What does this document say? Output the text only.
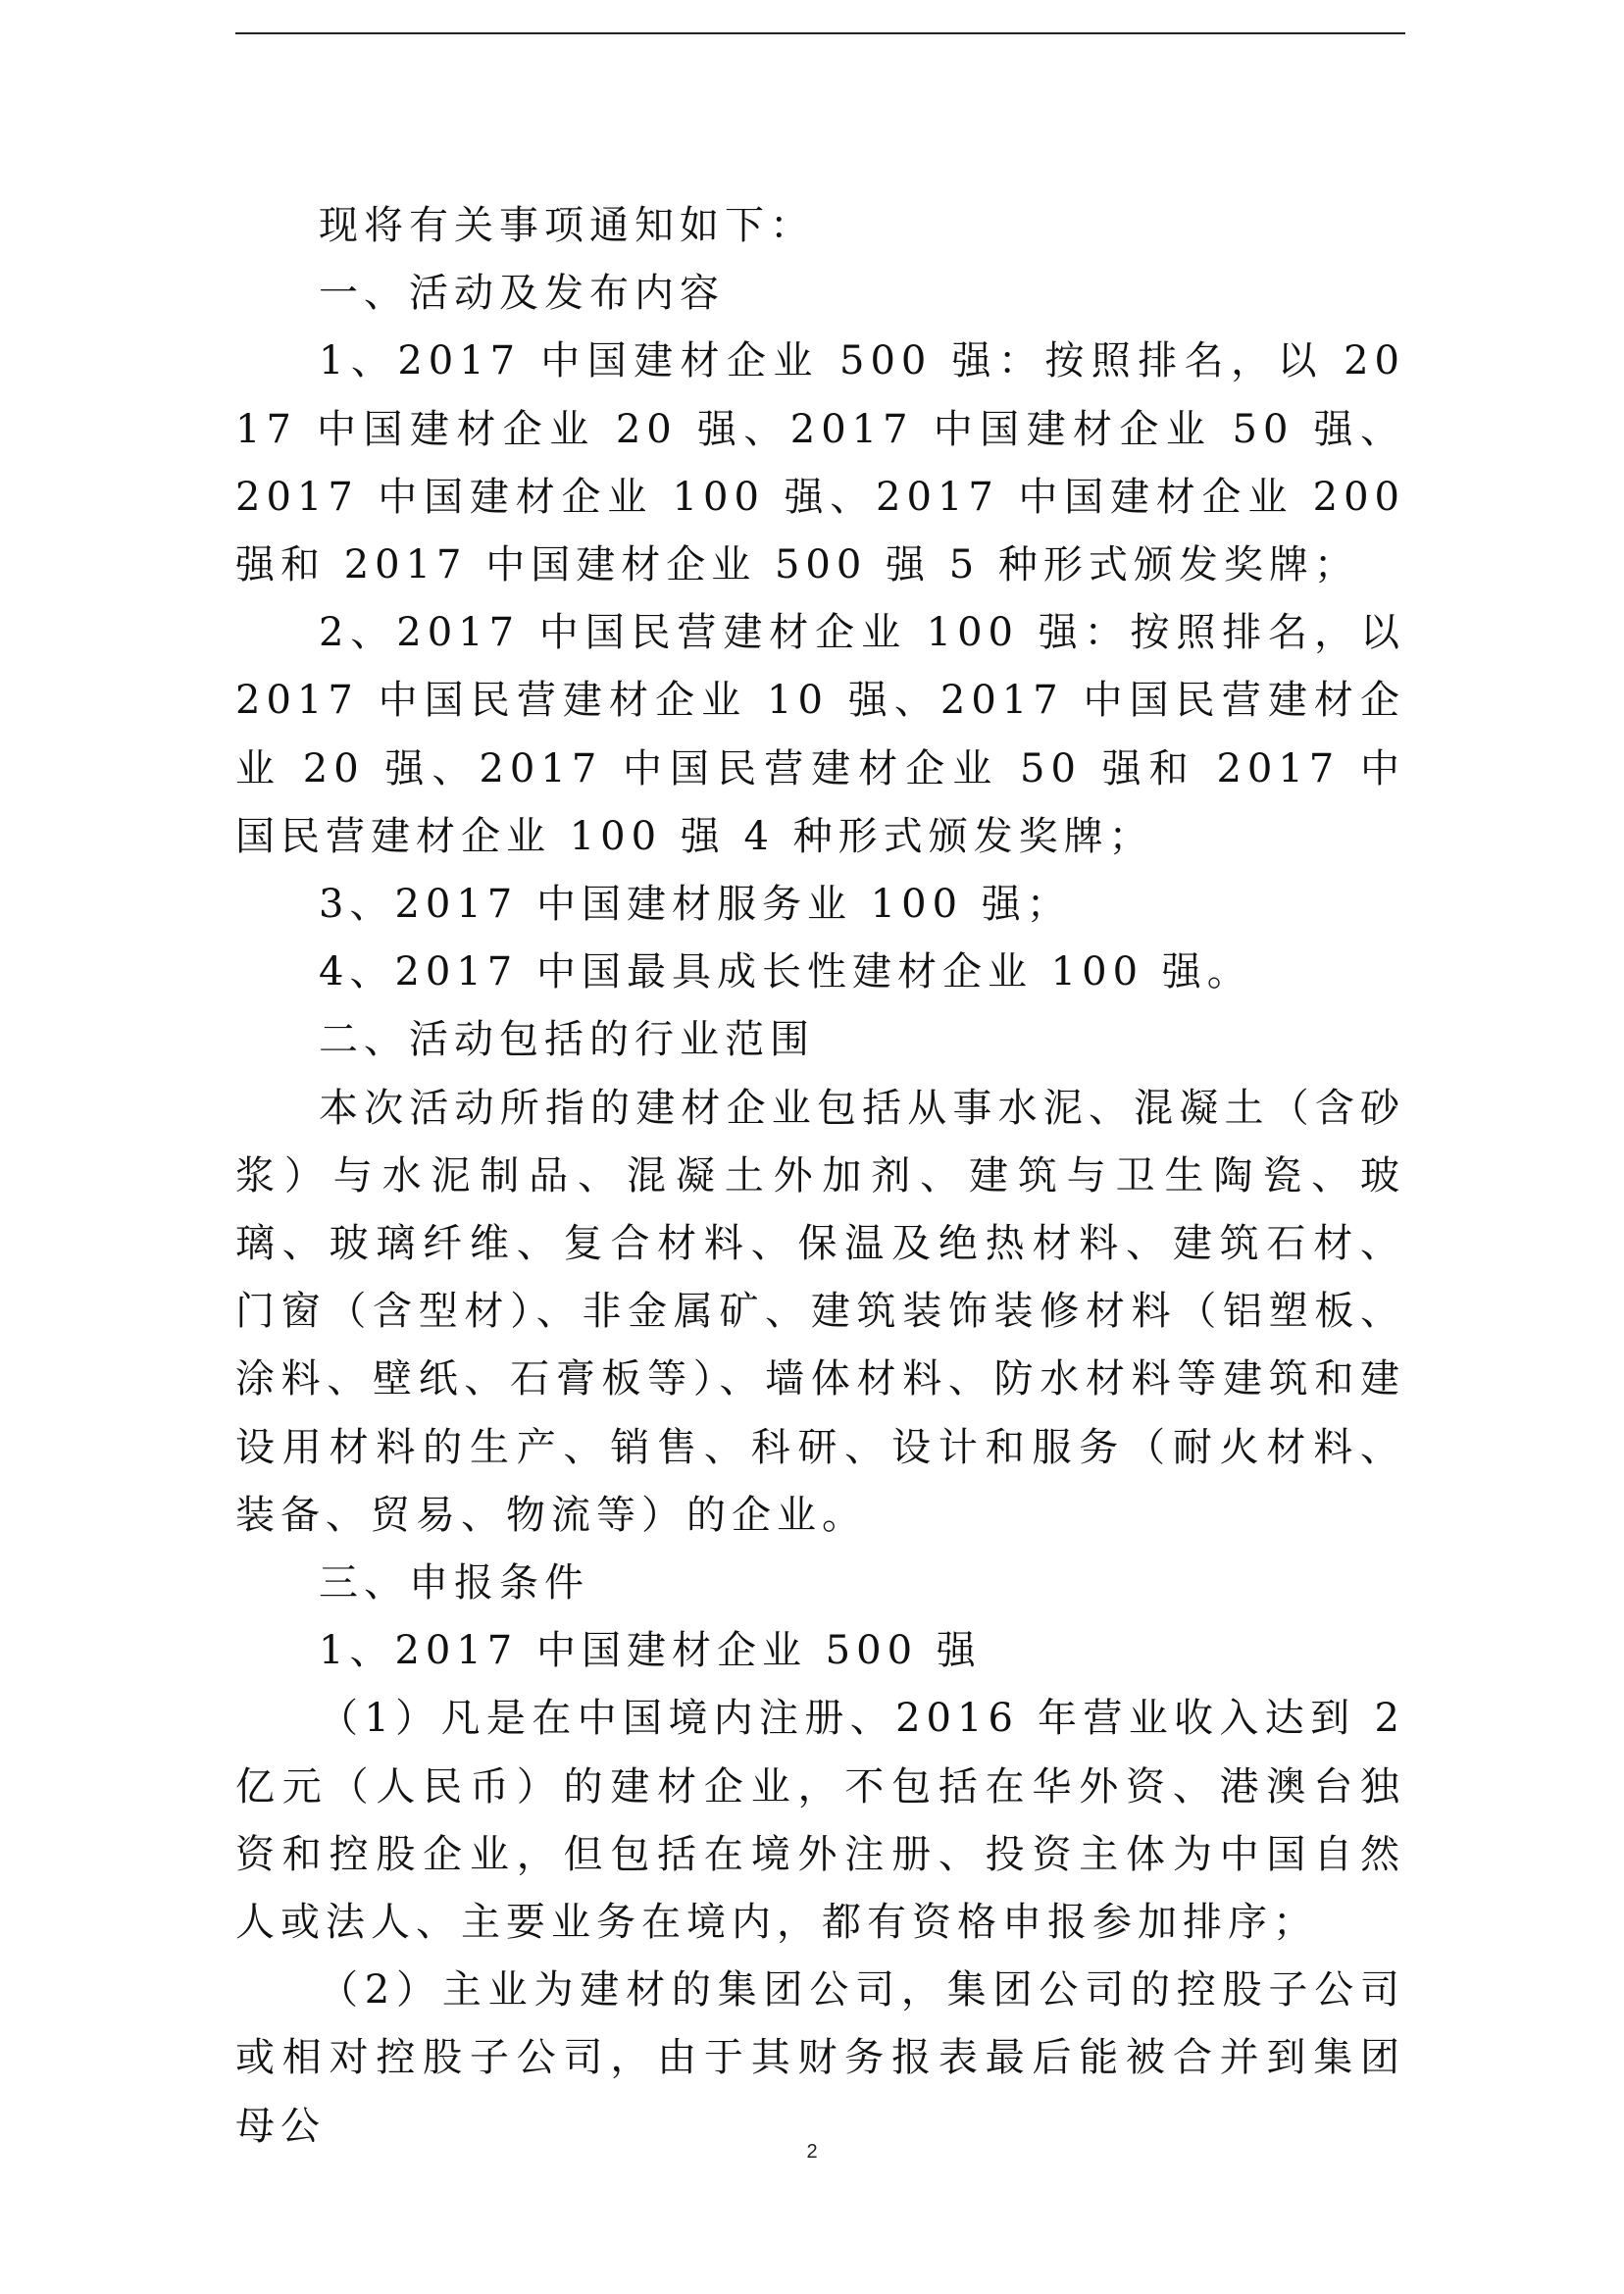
现将有关事项通知如下：

一、活动及发布内容

1、2017 中国建材企业 500 强：按照排名，以 2017 中国建材企业 20 强、2017 中国建材企业 50 强、2017 中国建材企业 100 强、2017 中国建材企业 200 强和 2017 中国建材企业 500 强 5 种形式颁发奖牌；

2、2017 中国民营建材企业 100 强：按照排名，以 2017 中国民营建材企业 10 强、2017 中国民营建材企业 20 强、2017 中国民营建材企业 50 强和 2017 中国民营建材企业 100 强 4 种形式颁发奖牌；

3、2017 中国建材服务业 100 强；

4、2017 中国最具成长性建材企业 100 强。

二、活动包括的行业范围

本次活动所指的建材企业包括从事水泥、混凝土（含砂浆）与水泥制品、混凝土外加剂、建筑与卫生陶瓷、玻璃、玻璃纤维、复合材料、保温及绝热材料、建筑石材、门窗（含型材）、非金属矿、建筑装饰装修材料（铝塑板、涂料、壁纸、石膏板等）、墙体材料、防水材料等建筑和建设用材料的生产、销售、科研、设计和服务（耐火材料、装备、贸易、物流等）的企业。

三、申报条件

1、2017 中国建材企业 500 强

（1）凡是在中国境内注册、2016 年营业收入达到 2 亿元（人民币）的建材企业，不包括在华外资、港澳台独资和控股企业，但包括在境外注册、投资主体为中国自然人或法人、主要业务在境内，都有资格申报参加排序；

（2）主业为建材的集团公司，集团公司的控股子公司或相对控股子公司，由于其财务报表最后能被合并到集团母公

2
